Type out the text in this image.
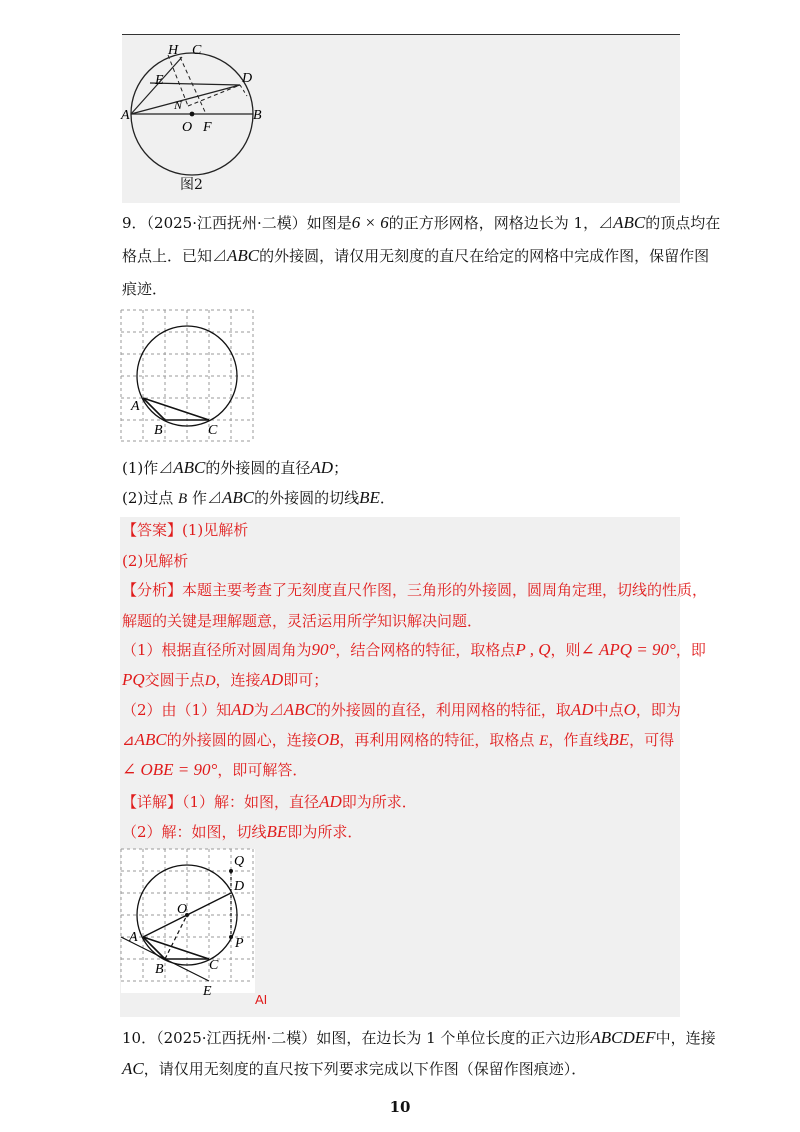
H C
E	D
N
A
O F
B
图2
9．（2025·江西抚州·二模）如图是6 × 6的正方形网格，网格边长为 1，⊿ABC的顶点均在
格点上．已知⊿ABC的外接圆，请仅用无刻度的直尺在给定的网格中完成作图，保留作图
痕迹．
A
B	C
(1)作⊿ABC的外接圆的直径AD；
(2)过点 B 作⊿ABC的外接圆的切线BE．
【答案】(1)见解析
(2)见解析
【分析】本题主要考查了无刻度直尺作图，三角形的外接圆，圆周角定理，切线的性质，
解题的关键是理解题意，灵活运用所学知识解决问题．
（1）根据直径所对圆周角为90°，结合网格的特征，取格点P , Q，则∠ APQ = 90°，即
PQ交圆于点D，连接AD即可；
（2）由（1）知AD为⊿ABC的外接圆的直径，利用网格的特征，取AD中点O，即为
⊿ABC的外接圆的圆心，连接OB，再利用网格的特征，取格点 E，作直线BE，可得
∠ OBE = 90°，即可解答．
【详解】（1）解：如图，直径AD即为所求．
（2）解：如图，切线BE即为所求．
Q
D
O
P
A
B	C
E
AI
10．（2025·江西抚州·二模）如图，在边长为 1 个单位长度的正六边形ABCDEF中，连接
AC，请仅用无刻度的直尺按下列要求完成以下作图（保留作图痕迹）．
10
